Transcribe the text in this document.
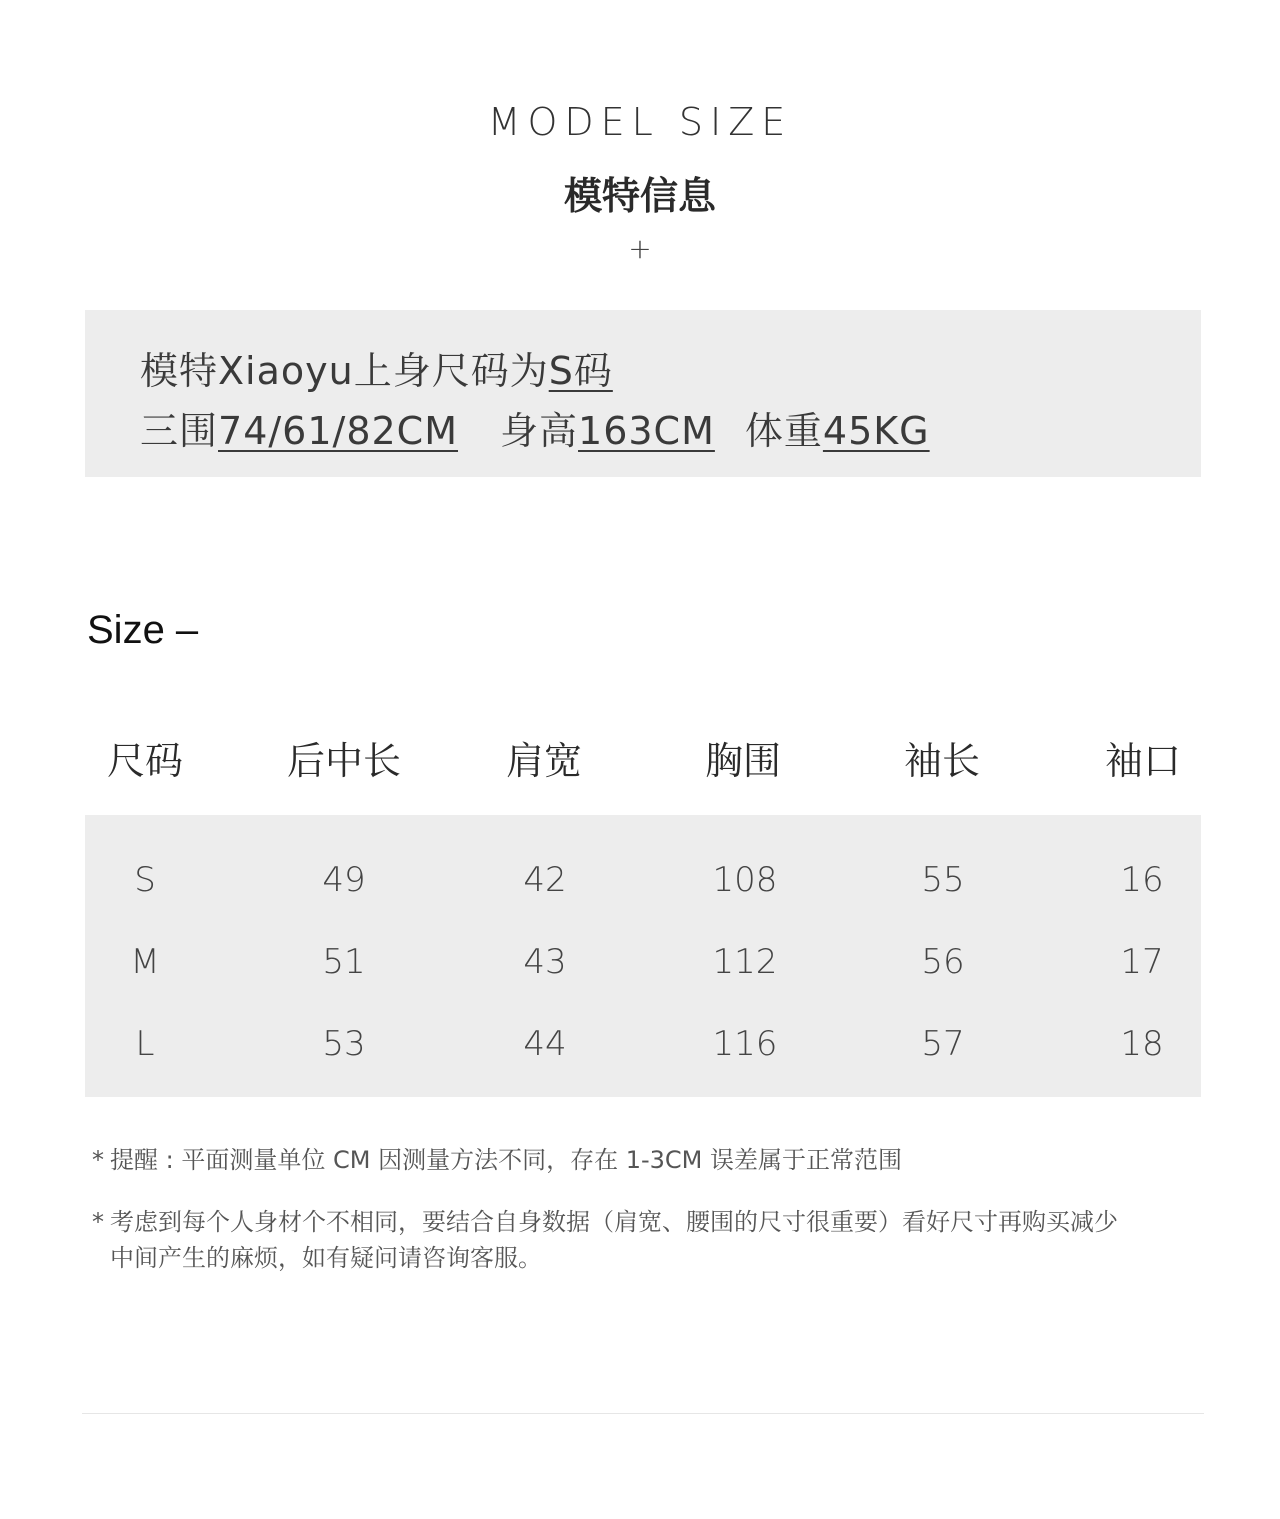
MODEL SIZE
模特信息
+
模特Xiaoyu上身尺码为S码
三围74/61/82CM 身高163CM 体重45KG
Size –
尺码	后中长	肩宽	胸围	袖长	袖口
S	49	42	108	55	16
M	51	43	112	56	17
L	53	44	116	57	18
* 提醒 : 平面测量单位 CM 因测量方法不同，存在 1-3CM 误差属于正常范围
* 考虑到每个人身材个不相同，要结合自身数据（肩宽、腰围的尺寸很重要）看好尺寸再购买减少
中间产生的麻烦，如有疑问请咨询客服。
